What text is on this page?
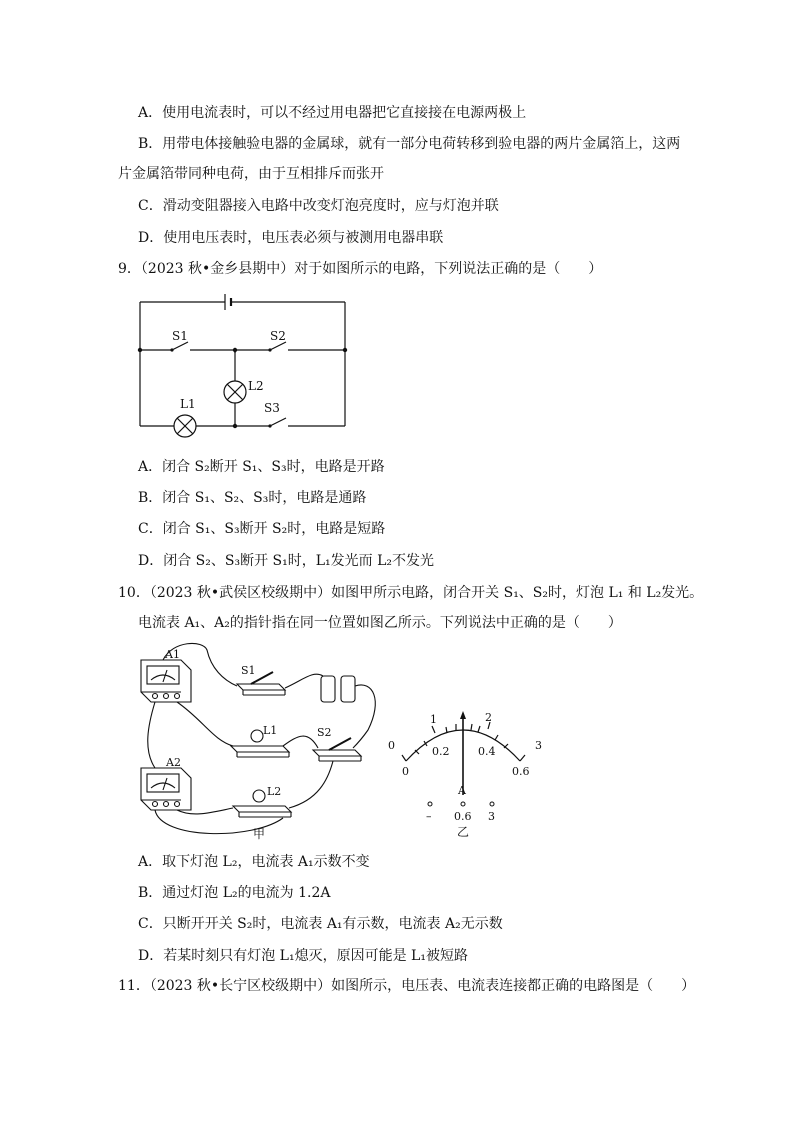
A．使用电流表时，可以不经过用电器把它直接接在电源两极上
B．用带电体接触验电器的金属球，就有一部分电荷转移到验电器的两片金属箔上，这两
片金属箔带同种电荷，由于互相排斥而张开
C．滑动变阻器接入电路中改变灯泡亮度时，应与灯泡并联
D．使用电压表时，电压表必须与被测用电器串联
9．（2023 秋•金乡县期中）对于如图所示的电路，下列说法正确的是（　　）
S1	S2
L2
L1	S3
A．闭合 S₂断开 S₁、S₃时，电路是开路
B．闭合 S₁、S₂、S₃时，电路是通路
C．闭合 S₁、S₃断开 S₂时，电路是短路
D．闭合 S₂、S₃断开 S₁时，L₁发光而 L₂不发光
10．（2023 秋•武侯区校级期中）如图甲所示电路，闭合开关 S₁、S₂时，灯泡 L₁ 和 L₂发光。
电流表 A₁、A₂的指针指在同一位置如图乙所示。下列说法中正确的是（　　）
A1
A2
S1
L1	S2
L2
甲
0
1	2
3
0
0.2	0.4
0.6
A
– 0.6 3
乙
A．取下灯泡 L₂，电流表 A₁示数不变
B．通过灯泡 L₂的电流为 1.2A
C．只断开开关 S₂时，电流表 A₁有示数，电流表 A₂无示数
D．若某时刻只有灯泡 L₁熄灭，原因可能是 L₁被短路
11．（2023 秋•长宁区校级期中）如图所示，电压表、电流表连接都正确的电路图是（　　）
